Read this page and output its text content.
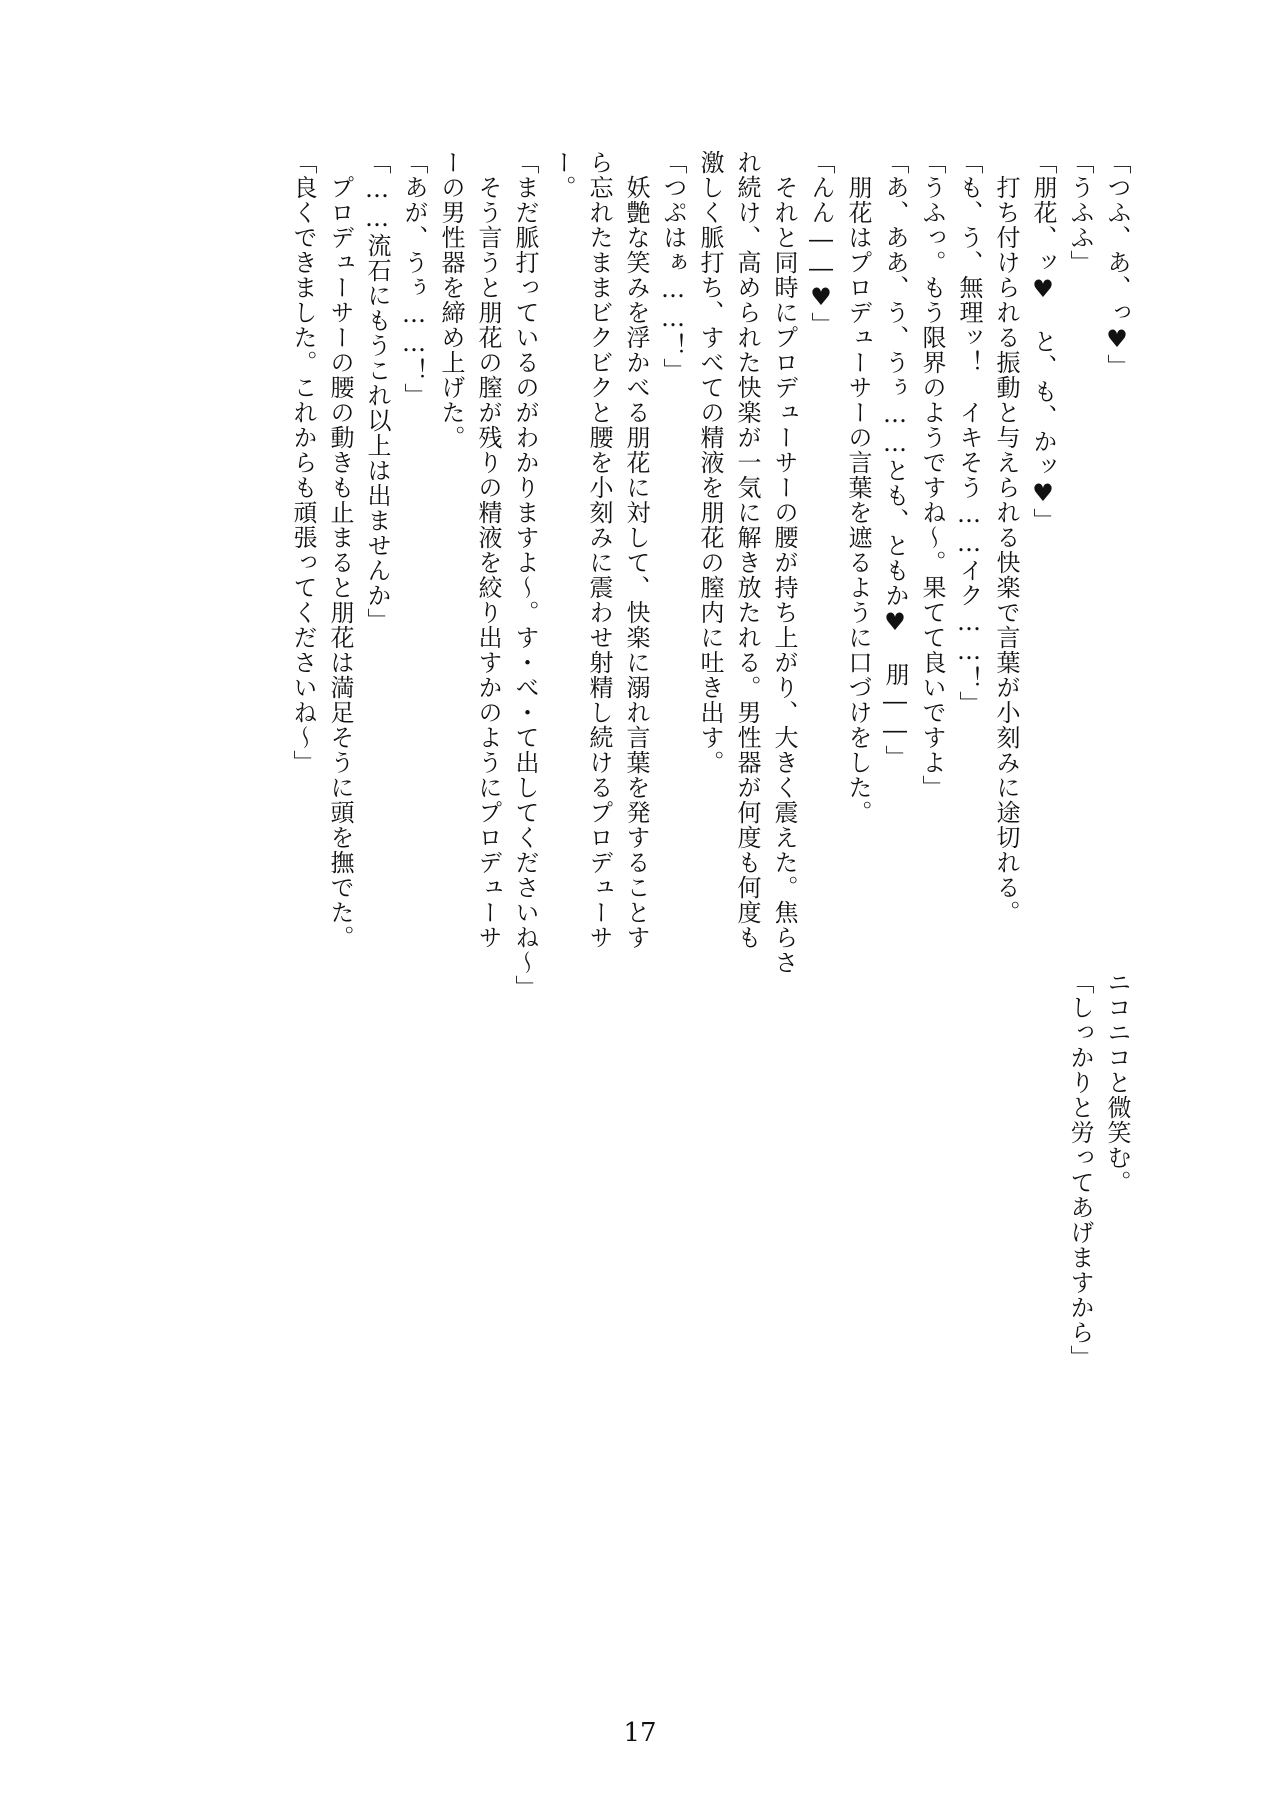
ニコニコと微笑む。
「しっかりと労ってあげますから」
「つふ、あ、っ♥」
「うふふ」
「朋花、ッ♥　と、も、かッ♥」
　打ち付けられる振動と与えられる快楽で言葉が小刻みに途切れる。
「も、う、無理ッ！　イキそう……イク……！」
「うふっ。もう限界のようですね～。果てて良いですよ」
「あ、ああ、う、うぅ……とも、ともか♥　朋――」
　朋花はプロデューサーの言葉を遮るように口づけをした。
「んん――♥」
　それと同時にプロデューサーの腰が持ち上がり、大きく震えた。焦らさ
れ続け、高められた快楽が一気に解き放たれる。男性器が何度も何度も
激しく脈打ち、すべての精液を朋花の膣内に吐き出す。
「つぷはぁ……！」
　妖艶な笑みを浮かべる朋花に対して、快楽に溺れ言葉を発することす
ら忘れたままビクビクと腰を小刻みに震わせ射精し続けるプロデューサ
ー。
「まだ脈打っているのがわかりますよ～。す・べ・て出してくださいね～」
　そう言うと朋花の膣が残りの精液を絞り出すかのようにプロデューサ
ーの男性器を締め上げた。
「あが、うぅ……！」
「……流石にもうこれ以上は出ませんか」
　プロデューサーの腰の動きも止まると朋花は満足そうに頭を撫でた。
「良くできました。これからも頑張ってくださいね～」
17
